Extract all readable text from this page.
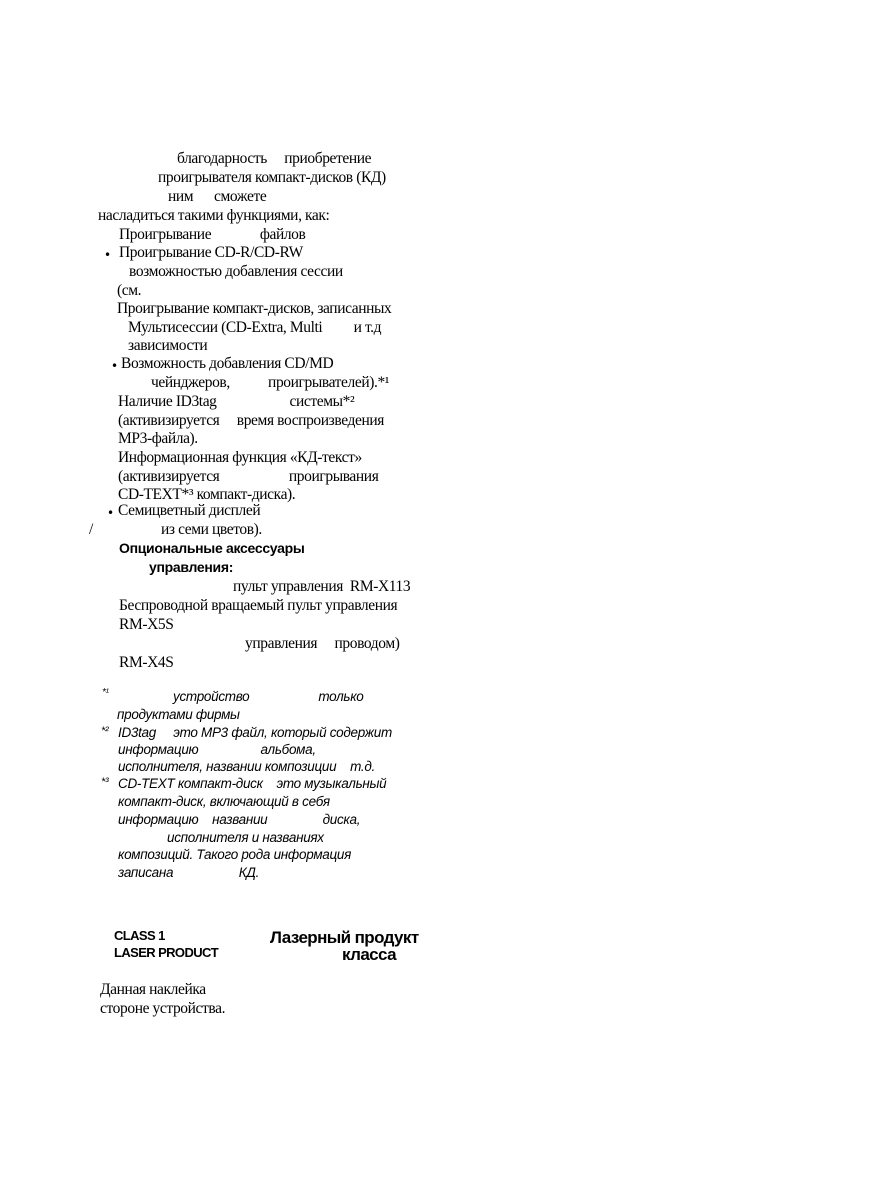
благодарность     приобретение
проигрывателя компакт-дисков (КД)
ним      сможете
насладиться такими функциями, как:
Проигрывание              файлов
• Проигрывание CD-R/CD-RW
возможностью добавления сессии
(см.
Проигрывание компакт-дисков, записанных
Мультисессии (CD-Extra, Multi         и т.д
зависимости
• Возможность добавления CD/MD
чейнджеров,           проигрывателей).*¹
Наличие ID3tag                     системы*²
(активизируется     время воспроизведения
MP3-файла).
Информационная функция «КД-текст»
(активизируется                    проигрывания
CD-TEXT*³ компакт-диска).
• Семицветный дисплей
/	из семи цветов).
Опциональные аксессуары
управления:
пульт управления  RM-X113
Беспроводной вращаемый пульт управления
RM-X5S
управления     проводом)
RM-X4S
*¹	устройство                    только
продуктами фирмы
*² ID3tag     это MP3 файл, который содержит
информацию                  альбома,
исполнителя, названии композиции    т.д.
*³ CD-TEXT компакт-диск    это музыкальный
компакт-диск, включающий в себя
информацию    названии                диска,
исполнителя и названиях
композиций. Такого рода информация
записана                   КД.
CLASS 1
LASER PRODUCT
Лазерный продукт
класса
Данная наклейка
стороне устройства.
